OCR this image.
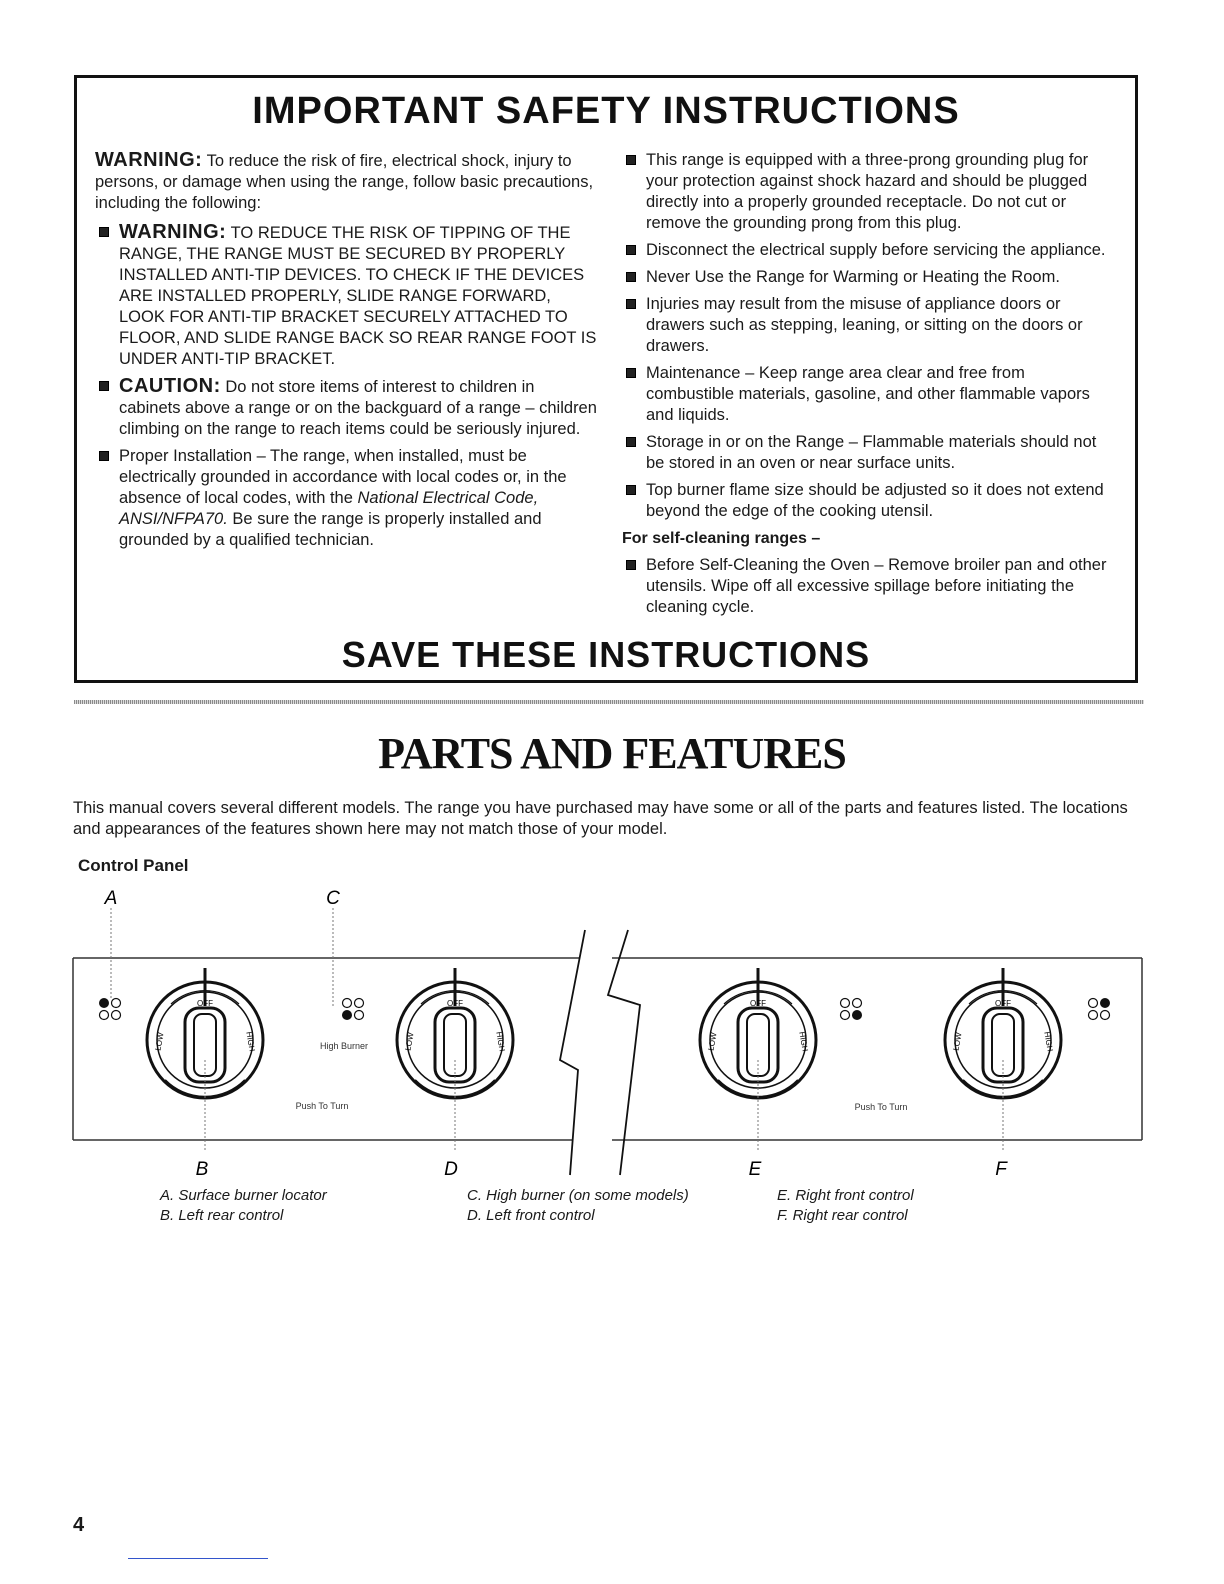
IMPORTANT SAFETY INSTRUCTIONS

WARNING: To reduce the risk of fire, electrical shock, injury to persons, or damage when using the range, follow basic precautions, including the following:

WARNING: TO REDUCE THE RISK OF TIPPING OF THE RANGE, THE RANGE MUST BE SECURED BY PROPERLY INSTALLED ANTI-TIP DEVICES. TO CHECK IF THE DEVICES ARE INSTALLED PROPERLY, SLIDE RANGE FORWARD, LOOK FOR ANTI-TIP BRACKET SECURELY ATTACHED TO FLOOR, AND SLIDE RANGE BACK SO REAR RANGE FOOT IS UNDER ANTI-TIP BRACKET.
CAUTION: Do not store items of interest to children in cabinets above a range or on the backguard of a range – children climbing on the range to reach items could be seriously injured.
Proper Installation – The range, when installed, must be electrically grounded in accordance with local codes or, in the absence of local codes, with the National Electrical Code, ANSI/NFPA70. Be sure the range is properly installed and grounded by a qualified technician.
This range is equipped with a three-prong grounding plug for your protection against shock hazard and should be plugged directly into a properly grounded receptacle. Do not cut or remove the grounding prong from this plug.
Disconnect the electrical supply before servicing the appliance.
Never Use the Range for Warming or Heating the Room.
Injuries may result from the misuse of appliance doors or drawers such as stepping, leaning, or sitting on the doors or drawers.
Maintenance – Keep range area clear and free from combustible materials, gasoline, and other flammable vapors and liquids.
Storage in or on the Range – Flammable materials should not be stored in an oven or near surface units.
Top burner flame size should be adjusted so it does not extend beyond the edge of the cooking utensil.
For self-cleaning ranges –
Before Self-Cleaning the Oven – Remove broiler pan and other utensils. Wipe off all excessive spillage before initiating the cleaning cycle.
SAVE THESE INSTRUCTIONS
PARTS AND FEATURES
This manual covers several different models. The range you have purchased may have some or all of the parts and features listed. The locations and appearances of the features shown here may not match those of your model.
Control Panel
OFF
LOW	HIGH
OFF
LOW	HIGH
OFF
LOW	HIGH
OFF
LOW	HIGH
High Burner
Push To Turn	Push To Turn
A	C
B	D	E	F
A. Surface burner locator
B. Left rear control
C. High burner (on some models)
D. Left front control
E. Right front control
F. Right rear control
4
